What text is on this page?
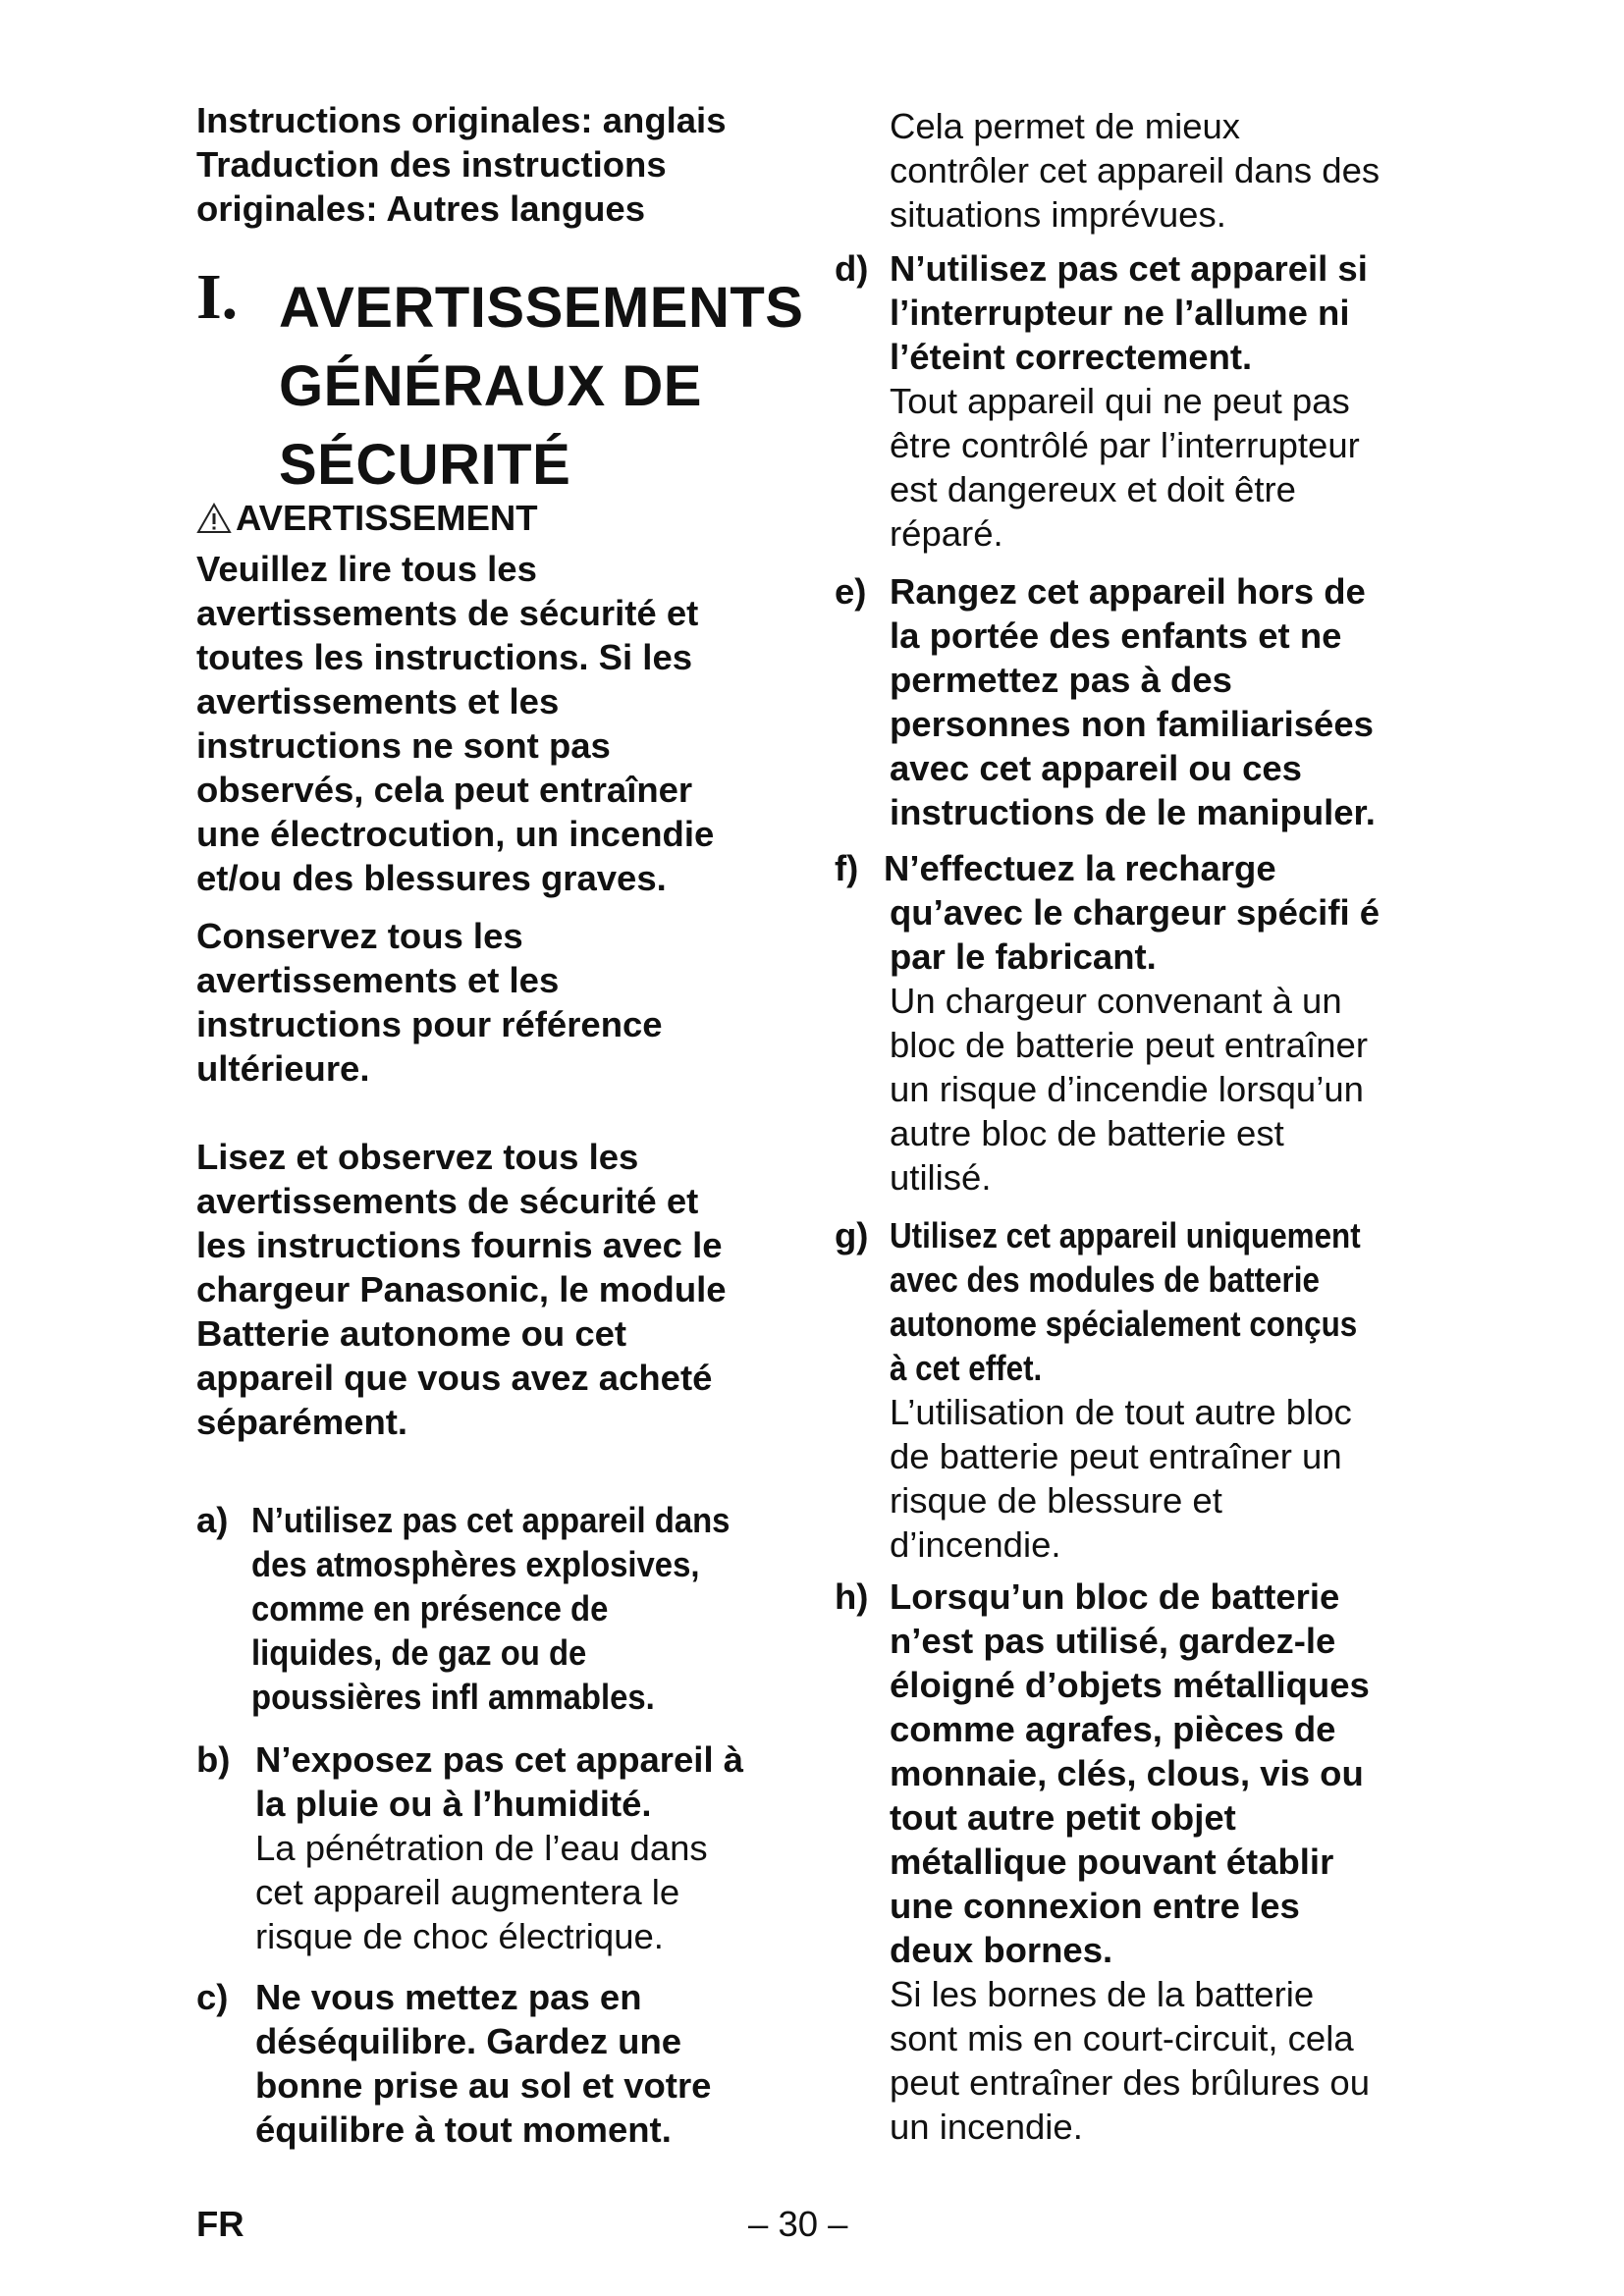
Instructions originales: anglais
Traduction des instructions
originales: Autres langues
I. AVERTISSEMENTS
GÉNÉRAUX DE
SÉCURITÉ
AVERTISSEMENT
Veuillez lire tous les
avertissements de sécurité et
toutes les instructions. Si les
avertissements et les
instructions ne sont pas
observés, cela peut entraîner
une électrocution, un incendie
et/ou des blessures graves.
Conservez tous les
avertissements et les
instructions pour référence
ultérieure.
Lisez et observez tous les
avertissements de sécurité et
les instructions fournis avec le
chargeur Panasonic, le module
Batterie autonome ou cet
appareil que vous avez acheté
séparément.
a) N’utilisez pas cet appareil dans
des atmosphères explosives,
comme en présence de
liquides, de gaz ou de
poussières infl ammables.
b) N’exposez pas cet appareil à
la pluie ou à l’humidité.
La pénétration de l’eau dans
cet appareil augmentera le
risque de choc électrique.
c) Ne vous mettez pas en
déséquilibre. Gardez une
bonne prise au sol et votre
équilibre à tout moment.
Cela permet de mieux
contrôler cet appareil dans des
situations imprévues.
d) N’utilisez pas cet appareil si
l’interrupteur ne l’allume ni
l’éteint correctement.
Tout appareil qui ne peut pas
être contrôlé par l’interrupteur
est dangereux et doit être
réparé.
e) Rangez cet appareil hors de
la portée des enfants et ne
permettez pas à des
personnes non familiarisées
avec cet appareil ou ces
instructions de le manipuler.
f) N’effectuez la recharge
qu’avec le chargeur spécifi é
par le fabricant.
Un chargeur convenant à un
bloc de batterie peut entraîner
un risque d’incendie lorsqu’un
autre bloc de batterie est
utilisé.
g) Utilisez cet appareil uniquement
avec des modules de batterie
autonome spécialement conçus
à cet effet.
L’utilisation de tout autre bloc
de batterie peut entraîner un
risque de blessure et
d’incendie.
h) Lorsqu’un bloc de batterie
n’est pas utilisé, gardez-le
éloigné d’objets métalliques
comme agrafes, pièces de
monnaie, clés, clous, vis ou
tout autre petit objet
métallique pouvant établir
une connexion entre les
deux bornes.
Si les bornes de la batterie
sont mis en court-circuit, cela
peut entraîner des brûlures ou
un incendie.
FR	– 30 –
